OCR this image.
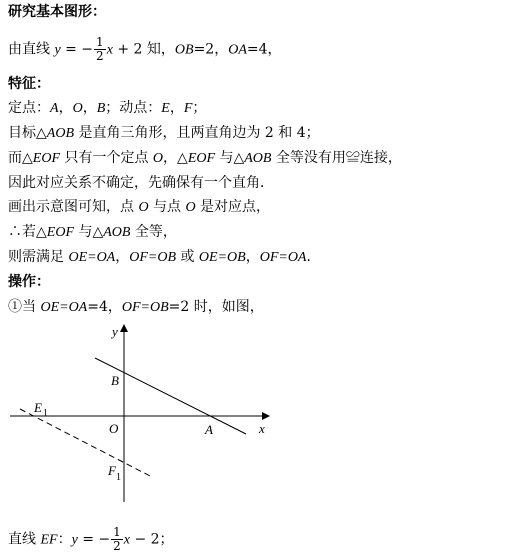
研究基本图形：
由直线 y = − $\frac{1}{2}$ x + 2 知，OB=2，OA=4，
特征：
定点：A，O，B；动点：E，F；
目标△AOB 是直角三角形，且两直角边为 2 和 4；
而△EOF 只有一个定点 O，△EOF 与△AOB 全等没有用≌连接，
因此对应关系不确定，先确保有一个直角．
画出示意图可知，点 O 与点 O 是对应点，
∴若△EOF 与△AOB 全等，
则需满足 OE=OA，OF=OB 或 OE=OB，OF=OA．
操作：
①当 OE=OA=4，OF=OB=2 时，如图，
y
x
B
O	A
E 1
F 1
直线 EF：y = − $\frac{1}{2}$ x − 2；
